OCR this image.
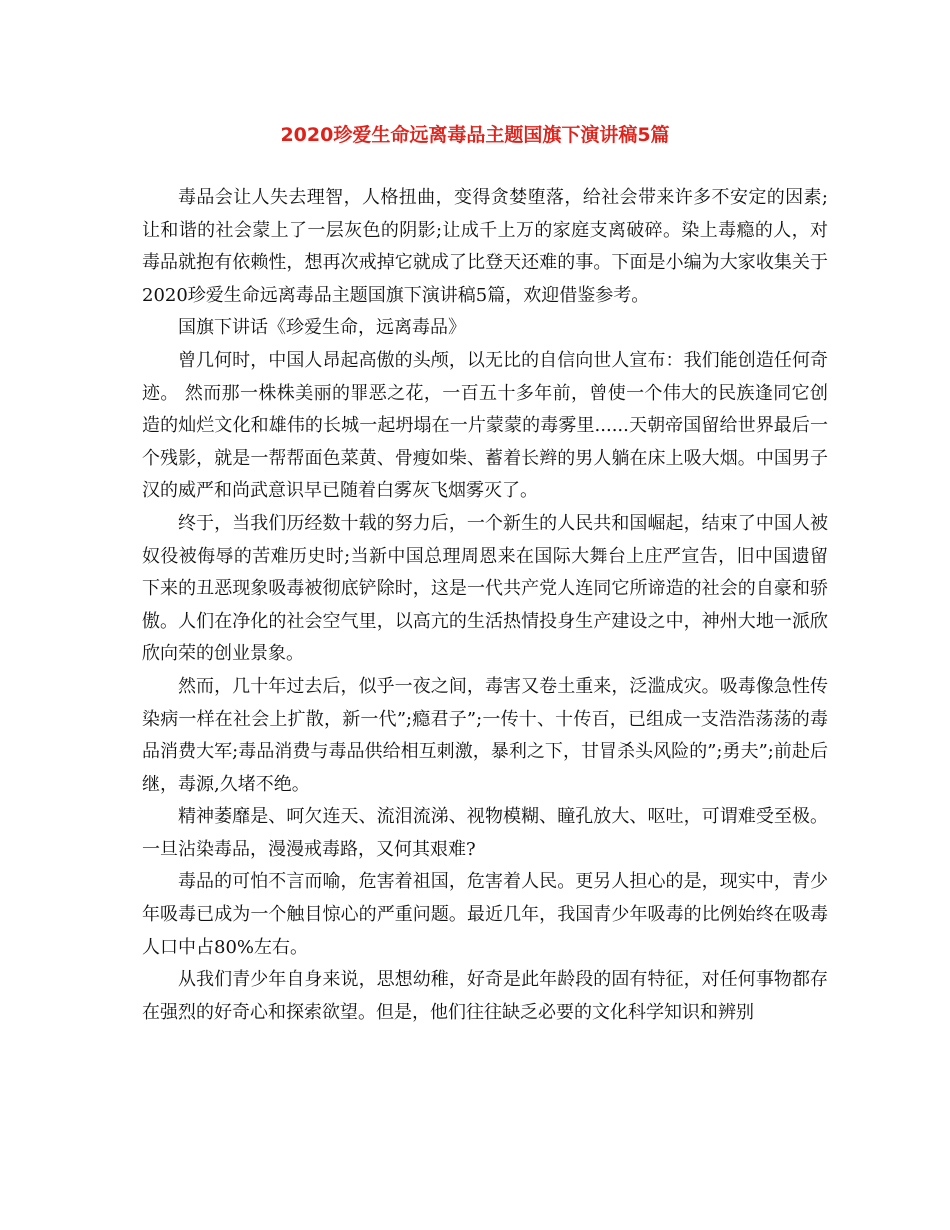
2020珍爱生命远离毒品主题国旗下演讲稿5篇

毒品会让人失去理智，人格扭曲，变得贪婪堕落，给社会带来许多不安定的因素;让和谐的社会蒙上了一层灰色的阴影;让成千上万的家庭支离破碎。染上毒瘾的人，对毒品就抱有依赖性，想再次戒掉它就成了比登天还难的事。下面是小编为大家收集关于2020珍爱生命远离毒品主题国旗下演讲稿5篇，欢迎借鉴参考。

国旗下讲话《珍爱生命，远离毒品》

曾几何时，中国人昂起高傲的头颅，以无比的自信向世人宣布：我们能创造任何奇迹。 然而那一株株美丽的罪恶之花，一百五十多年前，曾使一个伟大的民族逢同它创造的灿烂文化和雄伟的长城一起坍塌在一片蒙蒙的毒雾里......天朝帝国留给世界最后一个残影，就是一帮帮面色菜黄、骨瘦如柴、蓄着长辫的男人躺在床上吸大烟。中国男子汉的威严和尚武意识早已随着白雾灰飞烟雾灭了。

终于，当我们历经数十载的努力后，一个新生的人民共和国崛起，结束了中国人被奴役被侮辱的苦难历史时;当新中国总理周恩来在国际大舞台上庄严宣告，旧中国遗留下来的丑恶现象吸毒被彻底铲除时，这是一代共产党人连同它所谛造的社会的自豪和骄傲。人们在净化的社会空气里，以高亢的生活热情投身生产建设之中，神州大地一派欣欣向荣的创业景象。

然而，几十年过去后，似乎一夜之间，毒害又卷土重来，泛滥成灾。吸毒像急性传染病一样在社会上扩散，新一代”;瘾君子”;一传十、十传百，已组成一支浩浩荡荡的毒品消费大军;毒品消费与毒品供给相互刺激，暴利之下，甘冒杀头风险的”;勇夫”;前赴后继，毒源,久堵不绝。

精神萎靡是、呵欠连天、流泪流涕、视物模糊、瞳孔放大、呕吐，可谓难受至极。一旦沾染毒品，漫漫戒毒路，又何其艰难?

毒品的可怕不言而喻，危害着祖国，危害着人民。更另人担心的是，现实中，青少年吸毒已成为一个触目惊心的严重问题。最近几年，我国青少年吸毒的比例始终在吸毒人口中占80%左右。

从我们青少年自身来说，思想幼稚，好奇是此年龄段的固有特征，对任何事物都存在强烈的好奇心和探索欲望。但是，他们往往缺乏必要的文化科学知识和辨别
